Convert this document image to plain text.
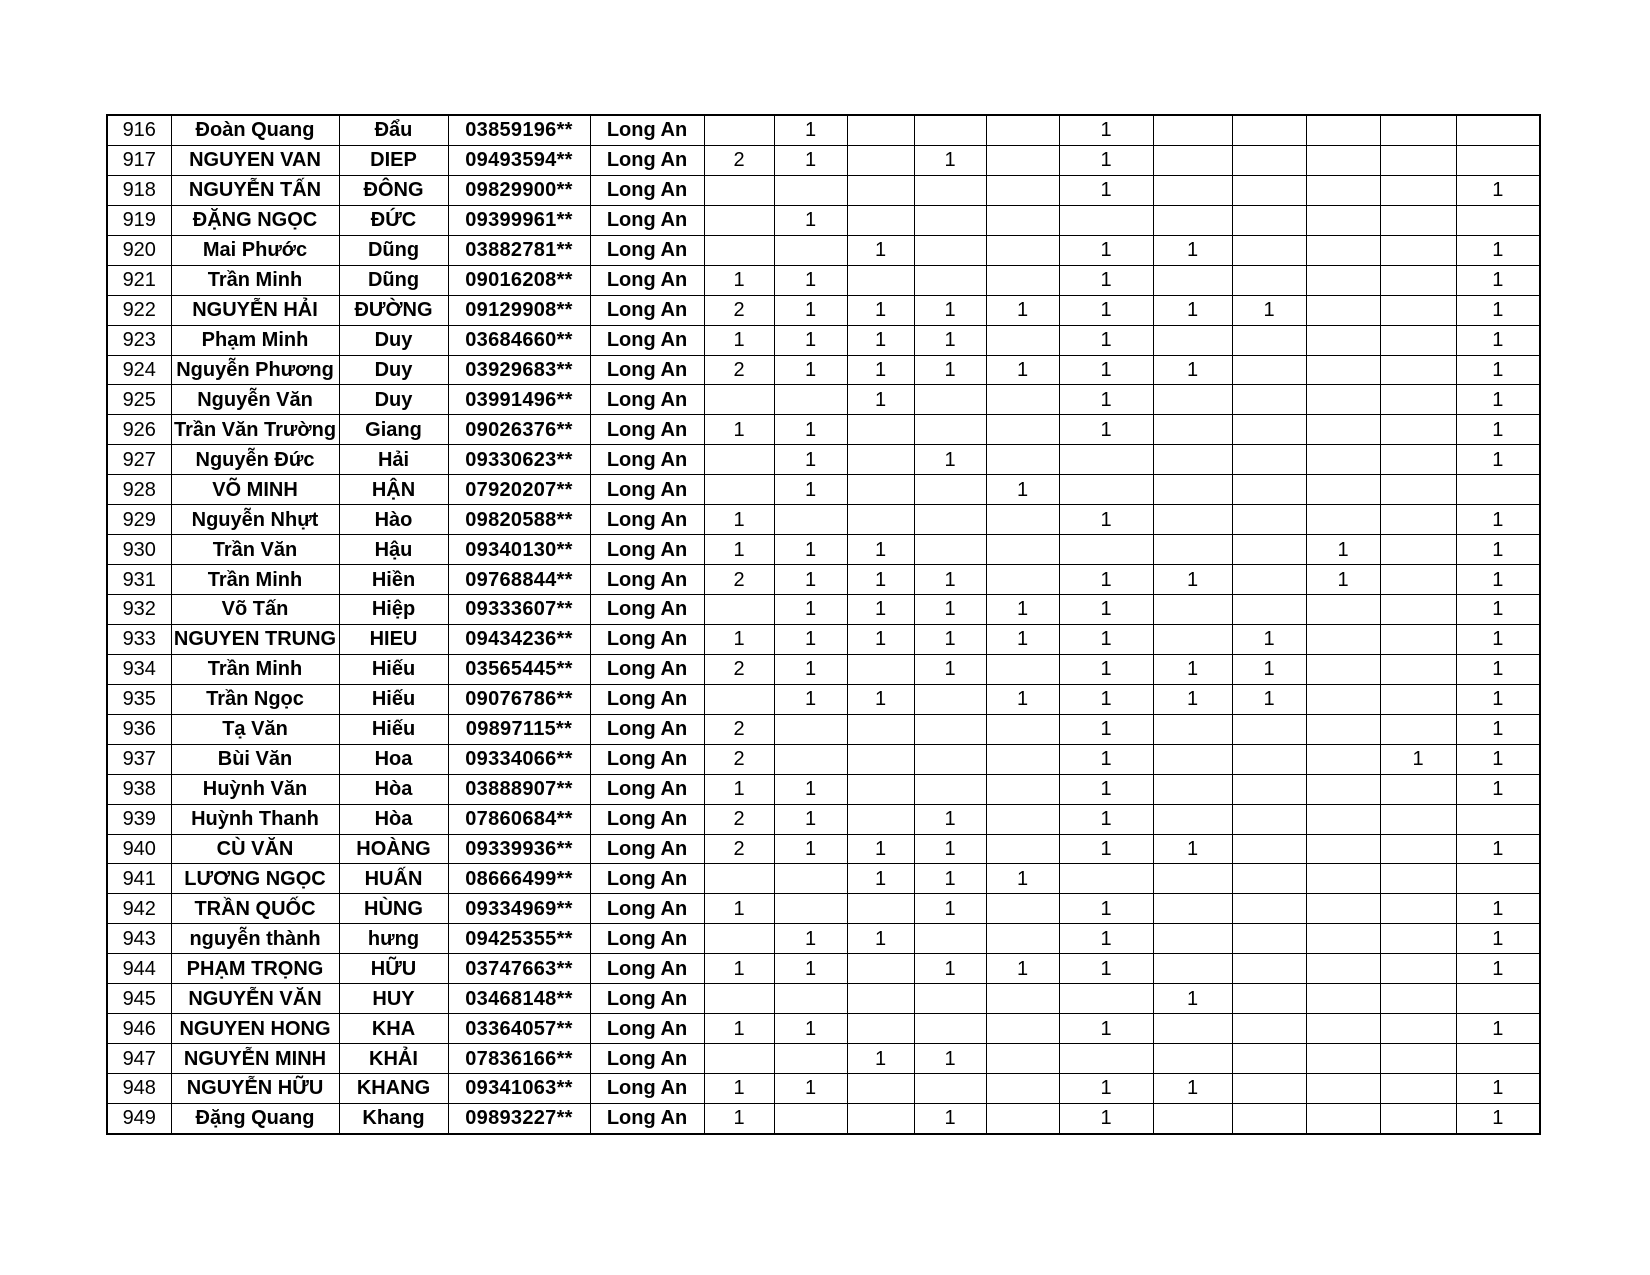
916	Đoàn Quang	Đẩu	03859196**	Long An		1				1					
917	NGUYEN VAN	DIEP	09493594**	Long An	2	1		1		1					
918	NGUYỄN TẤN	ĐÔNG	09829900**	Long An						1					1
919	ĐẶNG NGỌC	ĐỨC	09399961**	Long An		1									
920	Mai Phước	Dũng	03882781**	Long An			1			1	1				1
921	Trần Minh	Dũng	09016208**	Long An	1	1				1					1
922	NGUYỄN HẢI	ĐƯỜNG	09129908**	Long An	2	1	1	1	1	1	1	1			1
923	Phạm Minh	Duy	03684660**	Long An	1	1	1	1		1					1
924	Nguyễn Phương	Duy	03929683**	Long An	2	1	1	1	1	1	1				1
925	Nguyễn Văn	Duy	03991496**	Long An			1			1					1
926	Trần Văn Trường	Giang	09026376**	Long An	1	1				1					1
927	Nguyễn Đức	Hải	09330623**	Long An		1		1							1
928	VÕ MINH	HẬN	07920207**	Long An		1			1						
929	Nguyễn Nhựt	Hào	09820588**	Long An	1					1					1
930	Trần Văn	Hậu	09340130**	Long An	1	1	1						1		1
931	Trần Minh	Hiền	09768844**	Long An	2	1	1	1		1	1		1		1
932	Võ Tấn	Hiệp	09333607**	Long An		1	1	1	1	1					1
933	NGUYEN TRUNG	HIEU	09434236**	Long An	1	1	1	1	1	1		1			1
934	Trần Minh	Hiếu	03565445**	Long An	2	1		1		1	1	1			1
935	Trần Ngọc	Hiếu	09076786**	Long An		1	1		1	1	1	1			1
936	Tạ Văn	Hiếu	09897115**	Long An	2					1					1
937	Bùi Văn	Hoa	09334066**	Long An	2					1				1	1
938	Huỳnh Văn	Hòa	03888907**	Long An	1	1				1					1
939	Huỳnh Thanh	Hòa	07860684**	Long An	2	1		1		1					
940	CÙ VĂN	HOÀNG	09339936**	Long An	2	1	1	1		1	1				1
941	LƯƠNG NGỌC	HUẤN	08666499**	Long An			1	1	1						
942	TRẦN QUỐC	HÙNG	09334969**	Long An	1			1		1					1
943	nguyễn thành	hưng	09425355**	Long An		1	1			1					1
944	PHẠM TRỌNG	HỮU	03747663**	Long An	1	1		1	1	1					1
945	NGUYỄN VĂN	HUY	03468148**	Long An							1				
946	NGUYEN HONG	KHA	03364057**	Long An	1	1				1					1
947	NGUYỄN MINH	KHẢI	07836166**	Long An			1	1							
948	NGUYỄN HỮU	KHANG	09341063**	Long An	1	1				1	1				1
949	Đặng Quang	Khang	09893227**	Long An	1			1		1					1
